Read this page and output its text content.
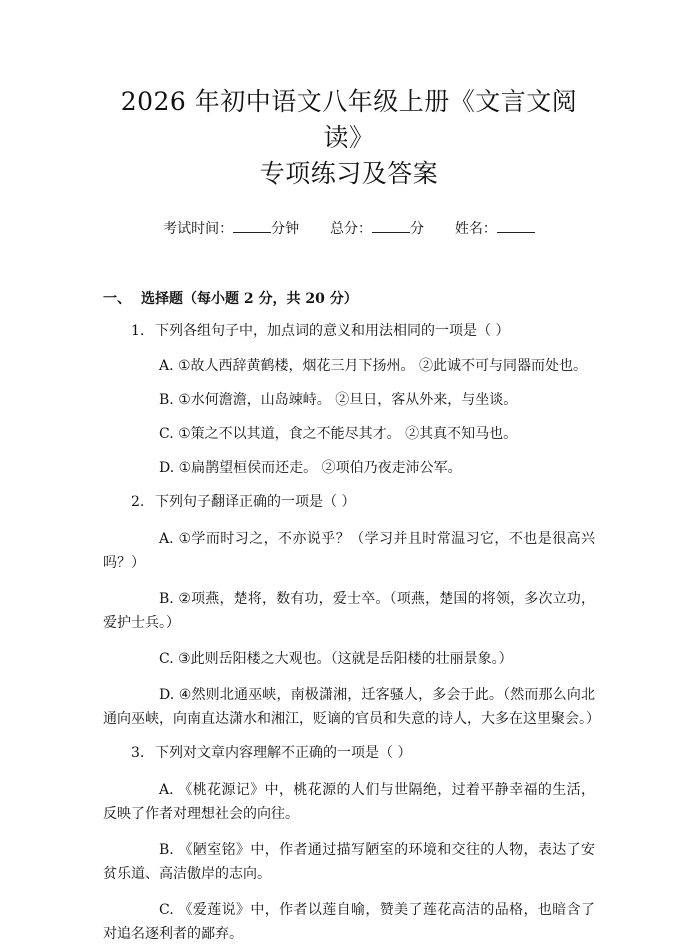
2026 年初中语文八年级上册《文言文阅读》
专项练习及答案
考试时间：	分钟 总分：	分 姓名：
一、 选择题（每小题 2 分，共 20 分）
1. 下列各组句子中，加点词的意义和用法相同的一项是（ ）
A. ①故人西辞黄鹤楼，烟花三月下扬州。 ②此诚不可与同器而处也。
B. ①水何澹澹，山岛竦峙。 ②旦日，客从外来，与坐谈。
C. ①策之不以其道，食之不能尽其才。 ②其真不知马也。
D. ①扁鹊望桓侯而还走。 ②项伯乃夜走沛公军。
2. 下列句子翻译正确的一项是（ ）
A. ①学而时习之，不亦说乎？（学习并且时常温习它，不也是很高兴吗？）
B. ②项燕，楚将，数有功，爱士卒。（项燕，楚国的将领，多次立功，爱护士兵。）
C. ③此则岳阳楼之大观也。（这就是岳阳楼的壮丽景象。）
D. ④然则北通巫峡，南极潇湘，迁客骚人，多会于此。（然而那么向北通向巫峡，向南直达潇水和湘江，贬谪的官员和失意的诗人，大多在这里聚会。）
3. 下列对文章内容理解不正确的一项是（ ）
A. 《桃花源记》中，桃花源的人们与世隔绝，过着平静幸福的生活，反映了作者对理想社会的向往。
B. 《陋室铭》中，作者通过描写陋室的环境和交往的人物，表达了安贫乐道、高洁傲岸的志向。
C. 《爱莲说》中，作者以莲自喻，赞美了莲花高洁的品格，也暗含了对追名逐利者的鄙弃。
